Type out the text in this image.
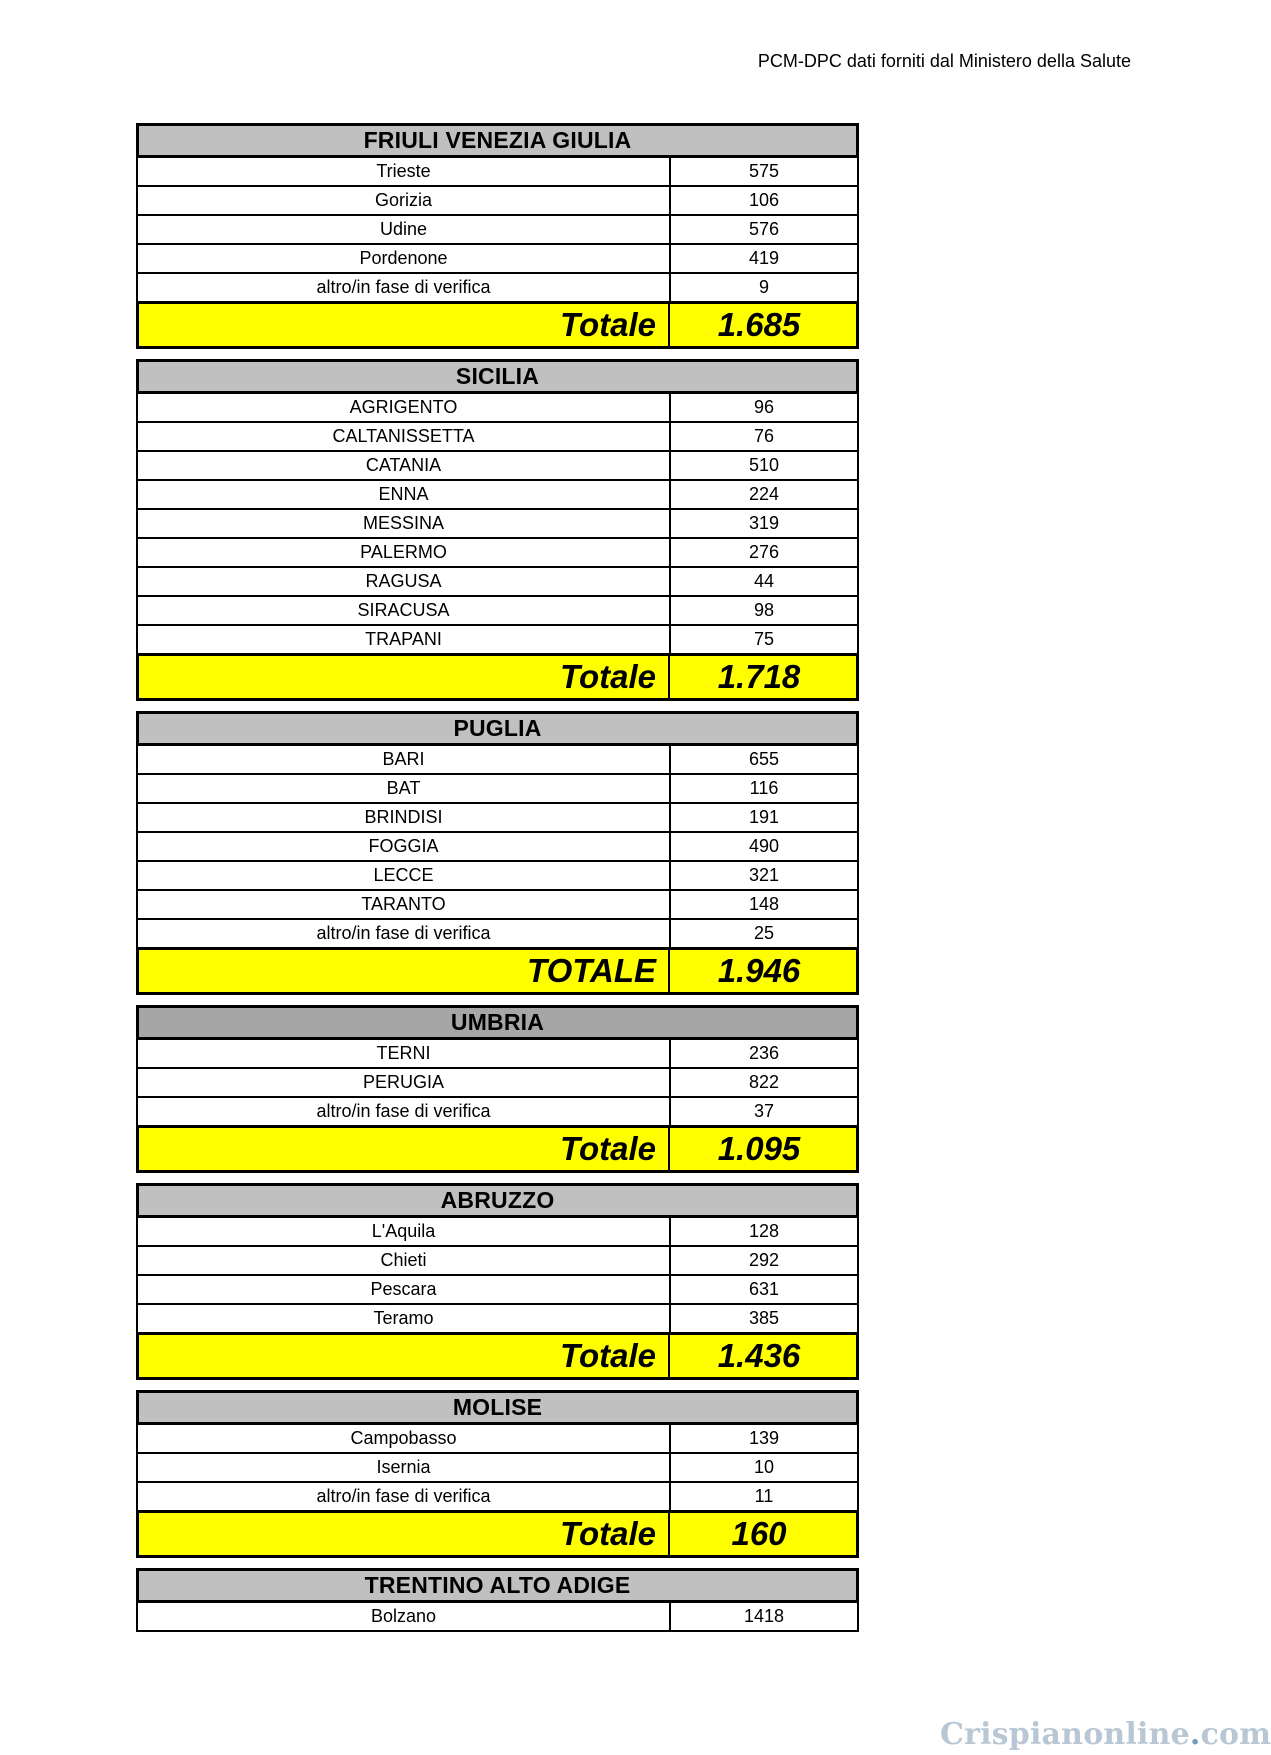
PCM-DPC dati forniti dal Ministero della Salute
FRIULI VENEZIA GIULIA
Trieste	575
Gorizia	106
Udine	576
Pordenone	419
altro/in fase di verifica	9
Totale	1.685
SICILIA
AGRIGENTO	96
CALTANISSETTA	76
CATANIA	510
ENNA	224
MESSINA	319
PALERMO	276
RAGUSA	44
SIRACUSA	98
TRAPANI	75
Totale	1.718
PUGLIA
BARI	655
BAT	116
BRINDISI	191
FOGGIA	490
LECCE	321
TARANTO	148
altro/in fase di verifica	25
TOTALE	1.946
UMBRIA
TERNI	236
PERUGIA	822
altro/in fase di verifica	37
Totale	1.095
ABRUZZO
L'Aquila	128
Chieti	292
Pescara	631
Teramo	385
Totale	1.436
MOLISE
Campobasso	139
Isernia	10
altro/in fase di verifica	11
Totale	160
TRENTINO ALTO ADIGE
Bolzano	1418
Crispianonline.com
